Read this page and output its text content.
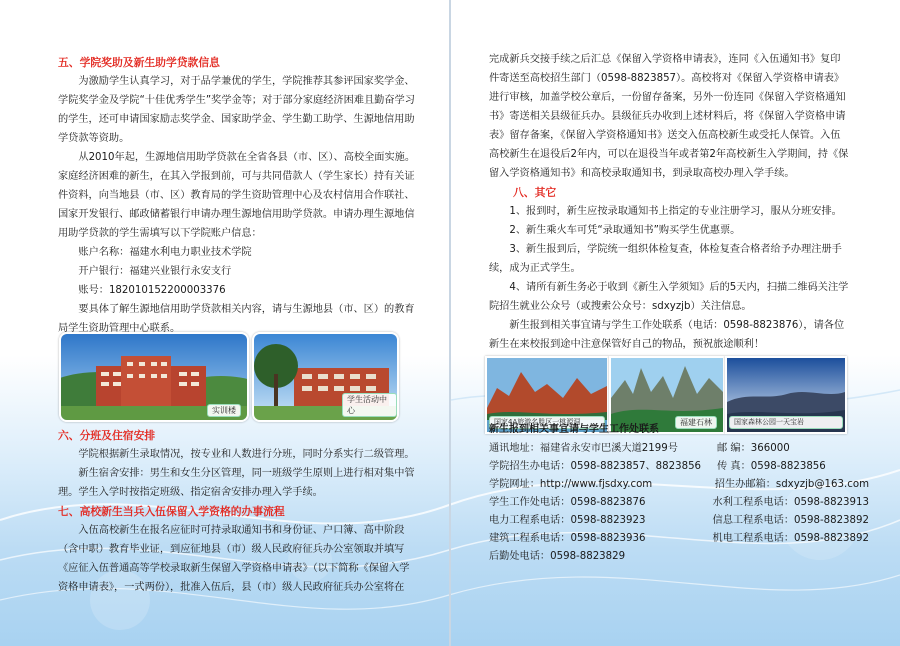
五、学院奖助及新生助学贷款信息

为激励学生认真学习，对于品学兼优的学生，学院推荐其参评国家奖学金、学院奖学金及学院“十佳优秀学生”奖学金等；对于部分家庭经济困难且勤奋学习的学生，还可申请国家励志奖学金、国家助学金、学生勤工助学、生源地信用助学贷款等资助。

从2010年起，生源地信用助学贷款在全省各县（市、区）、高校全面实施。家庭经济困难的新生，在其入学报到前，可与共同借款人（学生家长）持有关证件资料，向当地县（市、区）教育局的学生资助管理中心及农村信用合作联社、国家开发银行、邮政储蓄银行申请办理生源地信用助学贷款。申请办理生源地信用助学贷款的学生需填写以下学院账户信息：

账户名称：福建水利电力职业技术学院

开户银行：福建兴业银行永安支行

账号：182010152200003376

要具体了解生源地信用助学贷款相关内容，请与生源地县（市、区）的教育局学生资助管理中心联系。

实训楼
学生活动中心
六、分班及住宿安排

学院根据新生录取情况，按专业和人数进行分班，同时分系实行二级管理。

新生宿舍安排：男生和女生分区管理，同一班级学生原则上进行相对集中管理。学生入学时按指定班级、指定宿舍安排办理入学手续。

七、高校新生当兵入伍保留入学资格的办事流程

入伍高校新生在报名应征时可持录取通知书和身份证、户口簿、高中阶段（含中职）教育毕业证，到应征地县（市）级人民政府征兵办公室领取并填写《应征入伍普通高等学校录取新生保留入学资格申请表》（以下简称《保留入学资格申请表》，一式两份），批准入伍后，县（市）级人民政府征兵办公室将在

完成新兵交接手续之后汇总《保留入学资格申请表》，连同《入伍通知书》复印件寄送至高校招生部门（0598-8823857）。高校将对《保留入学资格申请表》进行审核，加盖学校公章后，一份留存备案，另外一份连同《保留入学资格通知书》寄送相关县级征兵办。县级征兵办收到上述材料后，将《保留入学资格申请表》留存备案，《保留入学资格通知书》送交入伍高校新生或受托人保管。入伍高校新生在退役后2年内，可以在退役当年或者第2年高校新生入学期间，持《保留入学资格通知书》和高校录取通知书，到录取高校办理入学手续。

八、其它

1、报到时，新生应按录取通知书上指定的专业注册学习，服从分班安排。

2、新生乘火车可凭“录取通知书”购买学生优惠票。

3、新生报到后，学院统一组织体检复查，体检复查合格者给予办理注册手续，成为正式学生。

4、请所有新生务必于收到《新生入学须知》后的5天内，扫描二维码关注学院招生就业公众号（或搜索公众号：sdxyzjb）关注信息。

新生报到相关事宜请与学生工作处联系（电话：0598-8823876），请各位新生在来校报到途中注意保管好自己的物品，预祝旅途顺利！

国家4A旅游名胜区一桃源洞	福建石林	国家森林公园一天宝岩
新生报到相关事宜请与学生工作处联系
通讯地址：福建省永安市巴溪大道2199号	邮 编：366000
学院招生办电话：0598-8823857、8823856	传 真：0598-8823856
学院网址：http://www.fjsdxy.com	招生办邮箱：sdxyzjb@163.com
学生工作处电话：0598-8823876	水利工程系电话：0598-8823913
电力工程系电话：0598-8823923	信息工程系电话：0598-8823892
建筑工程系电话：0598-8823936	机电工程系电话：0598-8823892
后勤处电话：0598-8823829
